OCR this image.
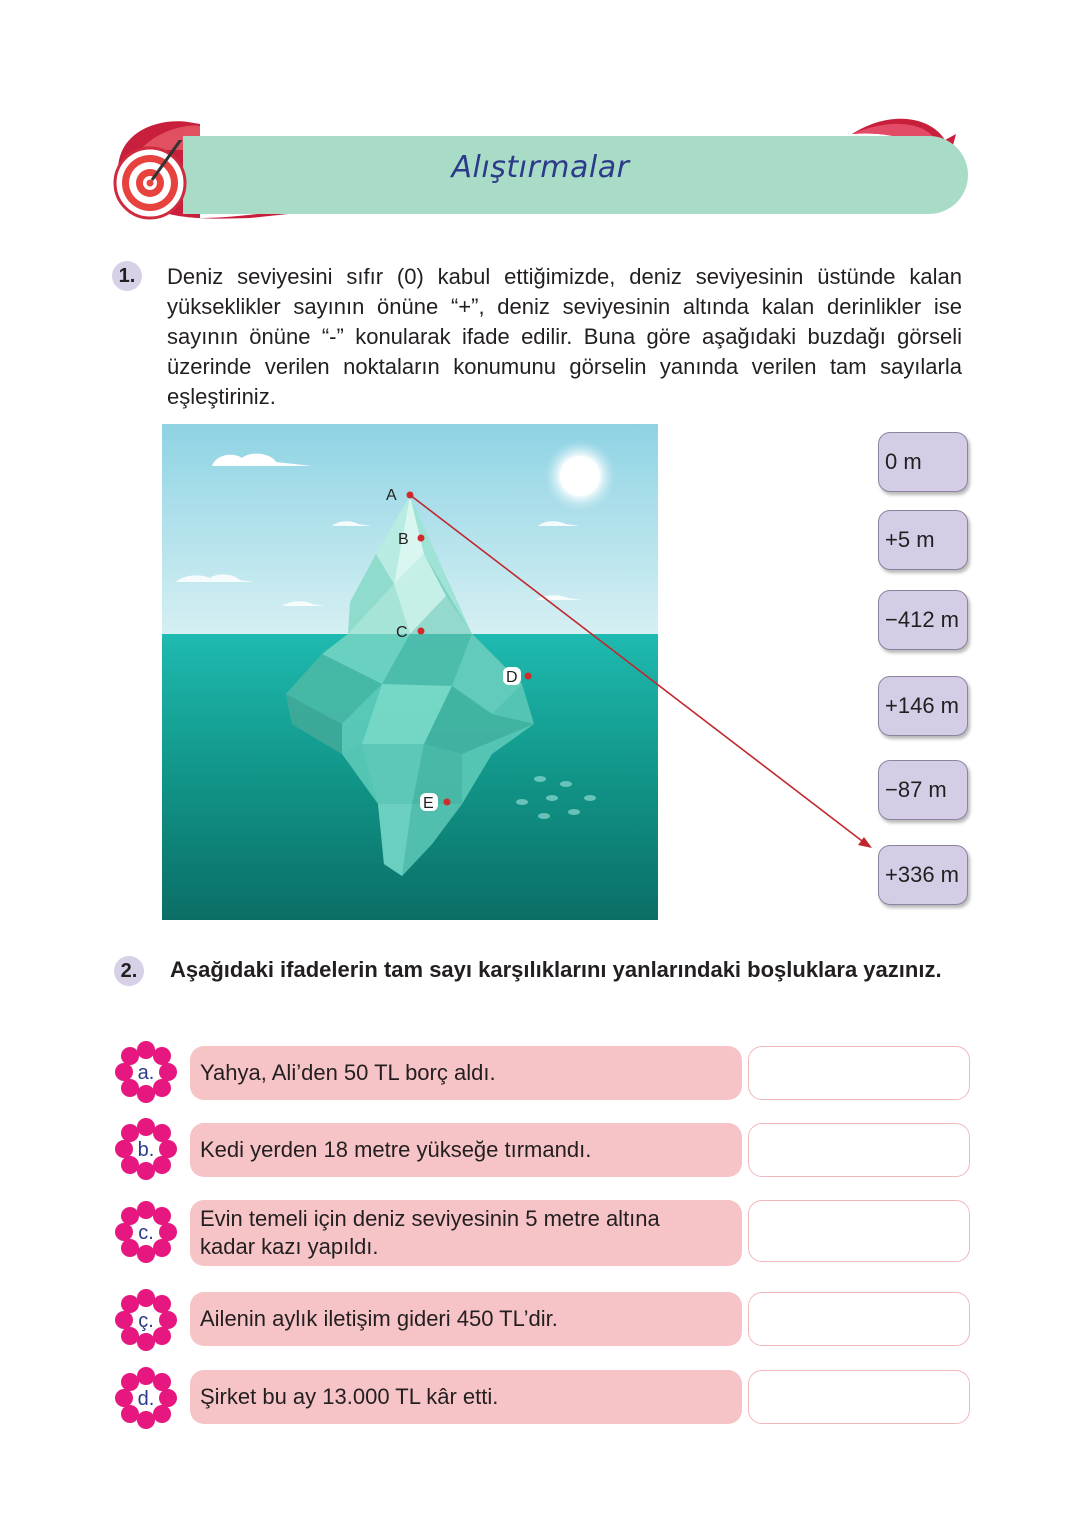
Alıştırmalar
1.	Deniz seviyesini sıfır (0) kabul ettiğimizde, deniz seviyesinin üstünde kalan yükseklikler sayının önüne “+”, deniz seviyesinin altında kalan derinlikler ise sayının önüne “-” konularak ifade edilir. Buna göre aşağıdaki buzdağı görseli üzerinde verilen noktaların konumunu görselin yanında verilen tam sayılarla eşleştiriniz.
A
B
C
D
E
0 m
+5 m
−412 m
+146 m
−87 m
+336 m
2.	Aşağıdaki ifadelerin tam sayı karşılıklarını yanlarındaki boşluklara yazınız.
a.	Yahya, Ali’den 50 TL borç aldı.
b.	Kedi yerden 18 metre yükseğe tırmandı.
c.
Evin temeli için deniz seviyesinin 5 metre altına kadar kazı yapıldı.
ç.	Ailenin aylık iletişim gideri 450 TL’dir.
d.	Şirket bu ay 13.000 TL kâr etti.
